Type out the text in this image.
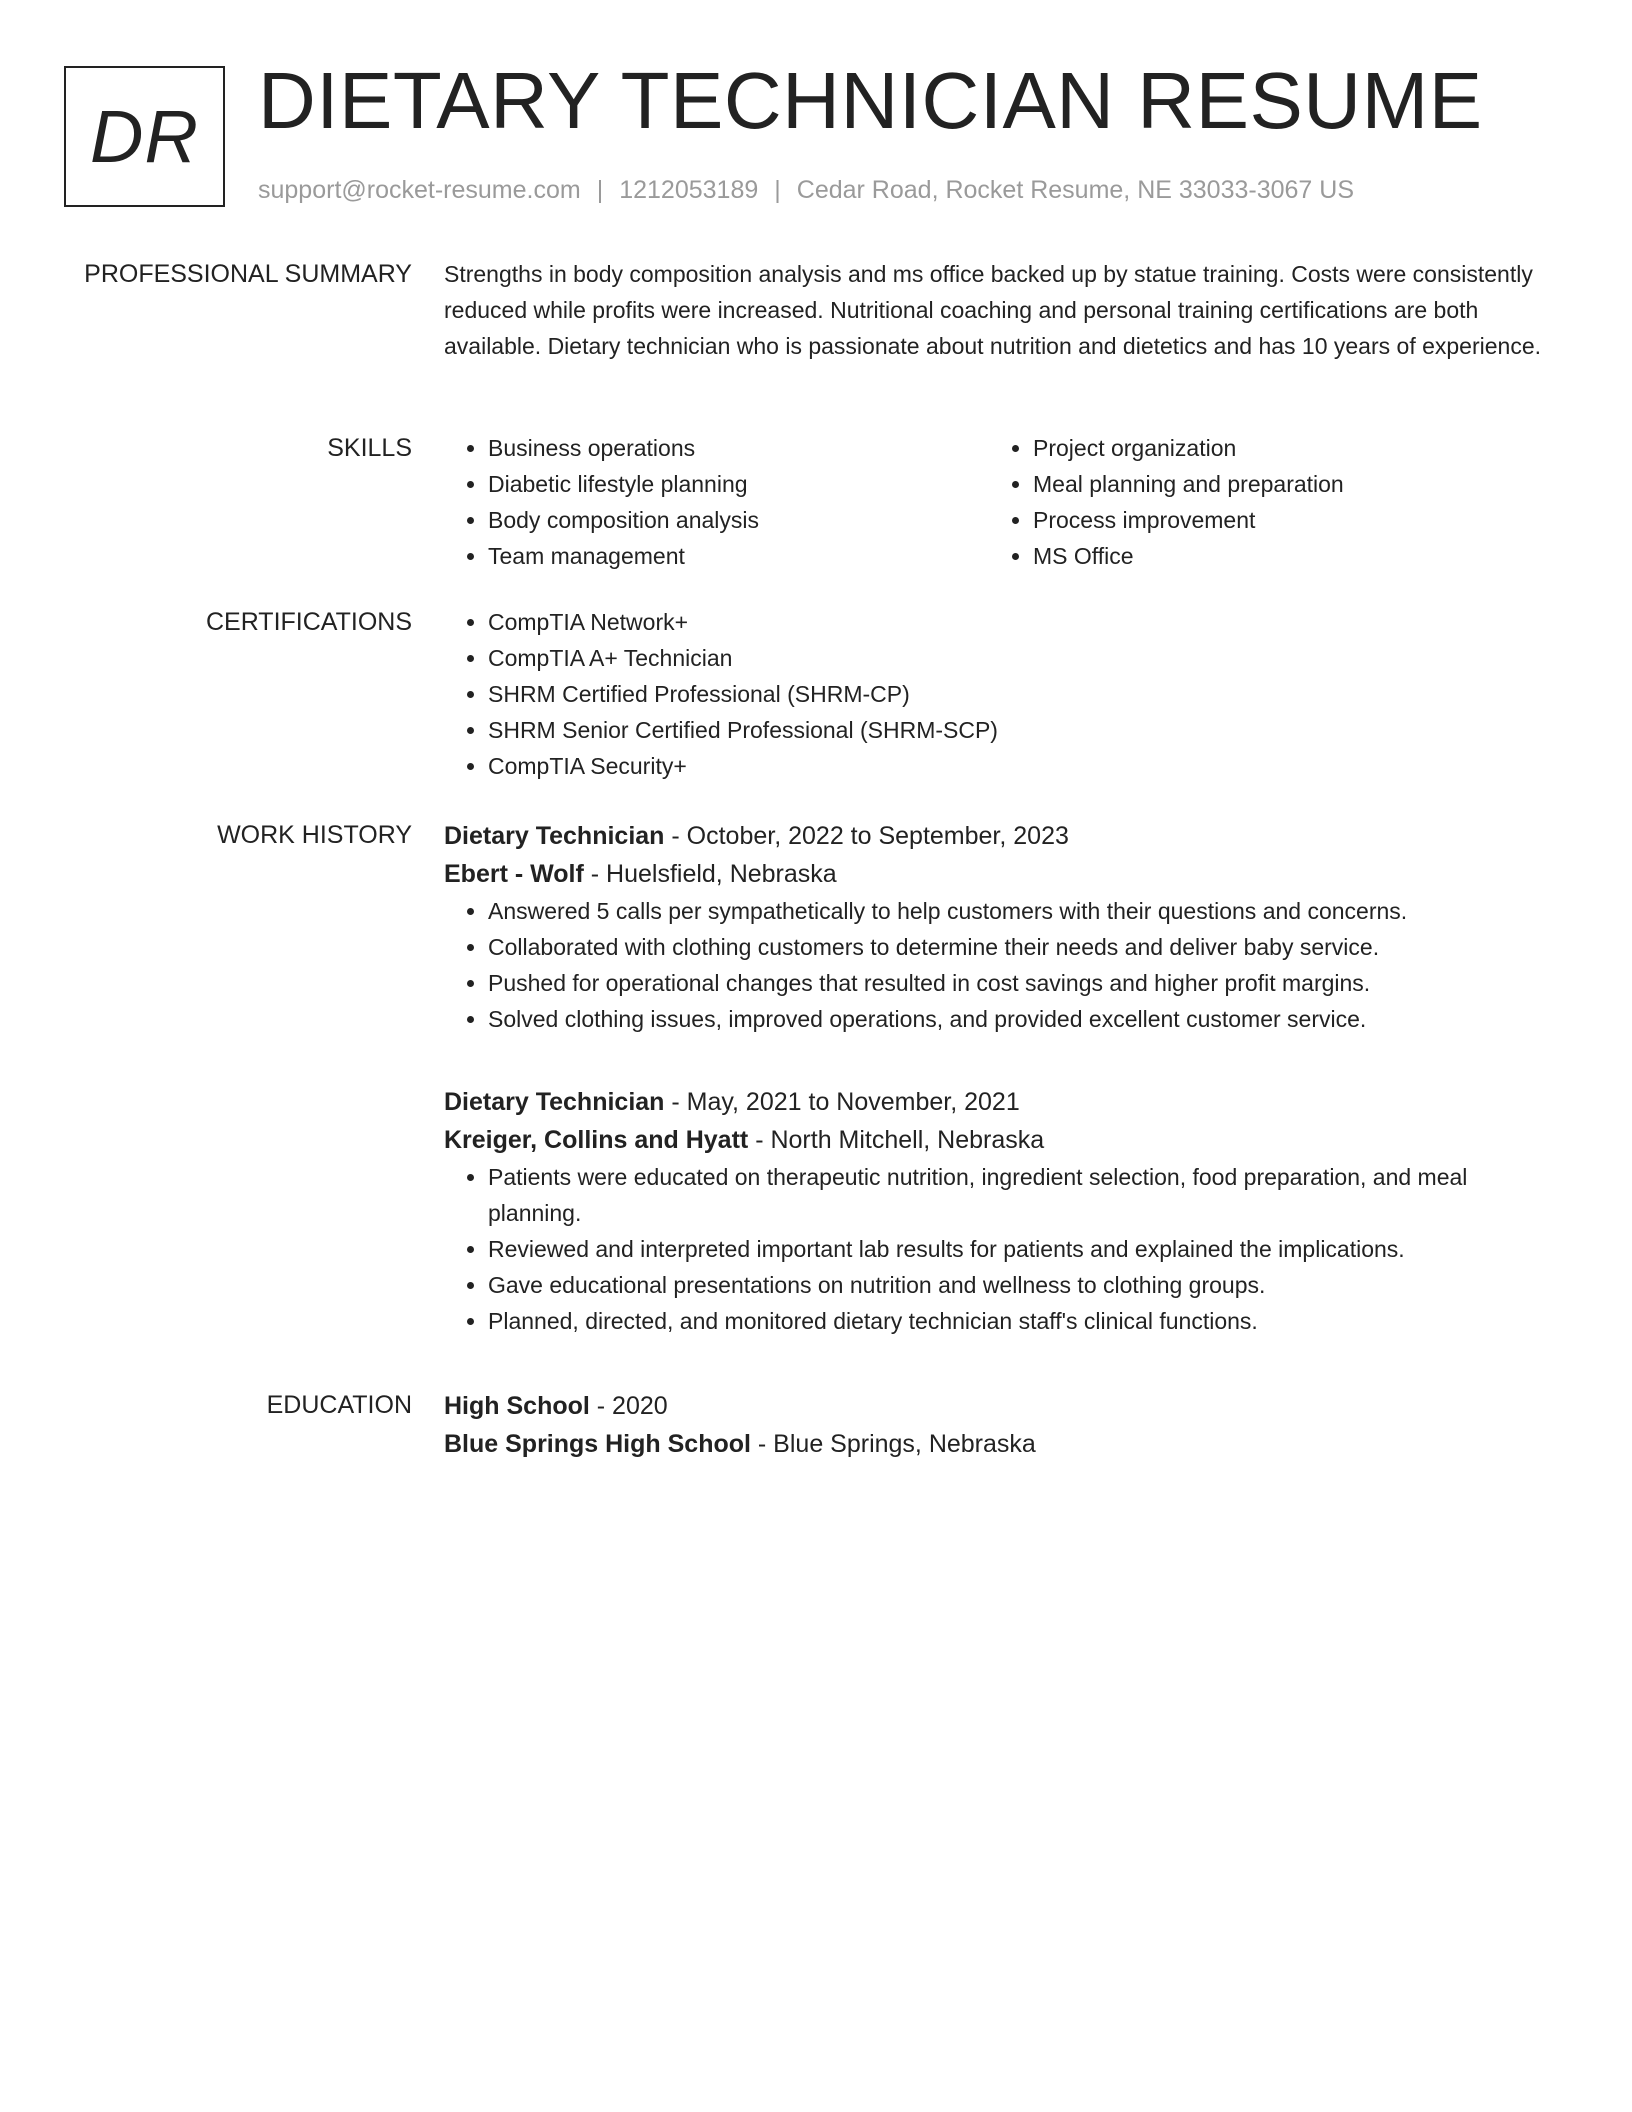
DR DIETARY TECHNICIAN RESUME
support@rocket-resume.com | 1212053189 | Cedar Road, Rocket Resume, NE 33033-3067 US
PROFESSIONAL SUMMARY Strengths in body composition analysis and ms office backed up by statue training. Costs were consistently reduced while profits were increased. Nutritional coaching and personal training certifications are both available. Dietary technician who is passionate about nutrition and dietetics and has 10 years of experience.

SKILLS	• Business operations
• Diabetic lifestyle planning
• Body composition analysis
• Team management
• Project organization
• Meal planning and preparation
• Process improvement
• MS Office
CERTIFICATIONS	• CompTIA Network+
• CompTIA A+ Technician
• SHRM Certified Professional (SHRM-CP)
• SHRM Senior Certified Professional (SHRM-SCP)
• CompTIA Security+
WORK HISTORY Dietary Technician - October, 2022 to September, 2023
Ebert - Wolf - Huelsfield, Nebraska
• Answered 5 calls per sympathetically to help customers with their questions and concerns.
• Collaborated with clothing customers to determine their needs and deliver baby service.
• Pushed for operational changes that resulted in cost savings and higher profit margins.
• Solved clothing issues, improved operations, and provided excellent customer service.
Dietary Technician - May, 2021 to November, 2021
Kreiger, Collins and Hyatt - North Mitchell, Nebraska
• Patients were educated on therapeutic nutrition, ingredient selection, food preparation, and meal planning.
• Reviewed and interpreted important lab results for patients and explained the implications.
• Gave educational presentations on nutrition and wellness to clothing groups.
• Planned, directed, and monitored dietary technician staff's clinical functions.
EDUCATION High School - 2020
Blue Springs High School - Blue Springs, Nebraska
